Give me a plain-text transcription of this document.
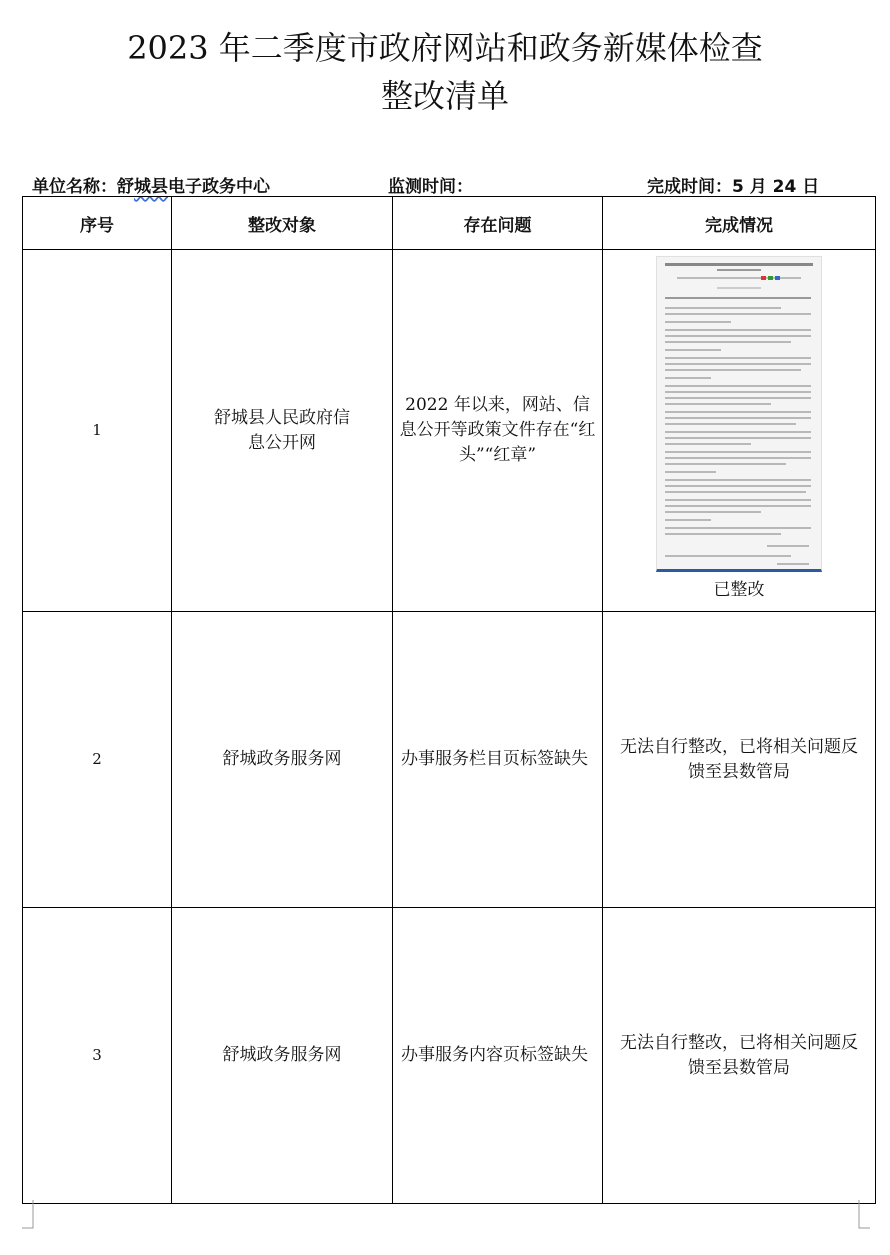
2023 年二季度市政府网站和政务新媒体检查
整改清单
单位名称：舒城县电子政务中心	监测时间：	完成时间：5 月 24 日
序号	整改对象	存在问题	完成情况
1	舒城县人民政府信息公开网	2022 年以来，网站、信息公开等政策文件存在“红头”“红章”	已整改

2	舒城政务服务网	办事服务栏目页标签缺失	无法自行整改，已将相关问题反馈至县数管局
3	舒城政务服务网	办事服务内容页标签缺失	无法自行整改，已将相关问题反馈至县数管局
